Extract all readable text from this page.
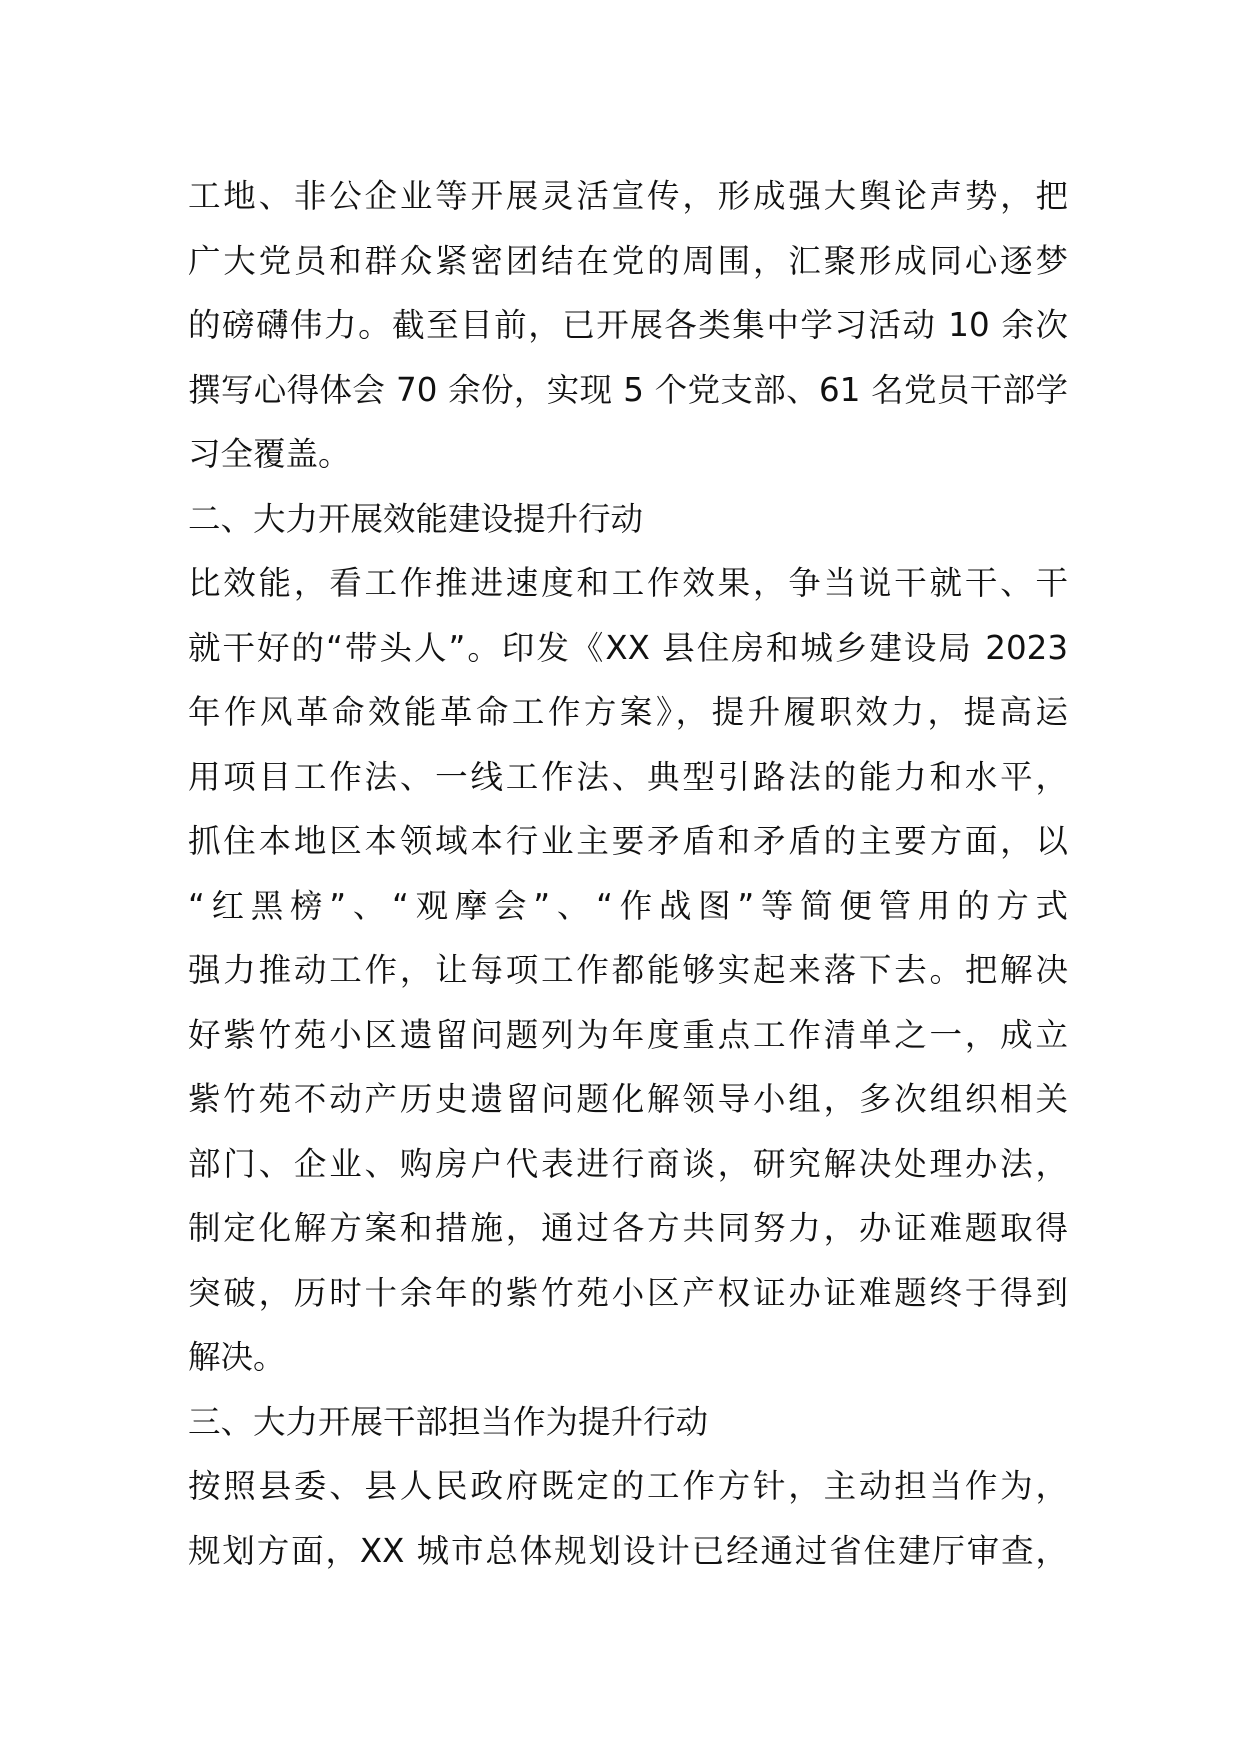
工地、非公企业等开展灵活宣传，形成强大舆论声势，把
广大党员和群众紧密团结在党的周围，汇聚形成同心逐梦
的磅礴伟力。截至目前，已开展各类集中学习活动 10 余次
撰写心得体会 70 余份，实现 5 个党支部、61 名党员干部学
习全覆盖。
二、大力开展效能建设提升行动
比效能，看工作推进速度和工作效果，争当说干就干、干
就干好的“带头人”。印发《XX 县住房和城乡建设局 2023
年作风革命效能革命工作方案》，提升履职效力，提高运
用项目工作法、一线工作法、典型引路法的能力和水平，
抓住本地区本领域本行业主要矛盾和矛盾的主要方面，以
“红黑榜”、“观摩会”、“作战图”等简便管用的方式
强力推动工作，让每项工作都能够实起来落下去。把解决
好紫竹苑小区遗留问题列为年度重点工作清单之一，成立
紫竹苑不动产历史遗留问题化解领导小组，多次组织相关
部门、企业、购房户代表进行商谈，研究解决处理办法，
制定化解方案和措施，通过各方共同努力，办证难题取得
突破，历时十余年的紫竹苑小区产权证办证难题终于得到
解决。
三、大力开展干部担当作为提升行动
按照县委、县人民政府既定的工作方针，主动担当作为，
规划方面，XX 城市总体规划设计已经通过省住建厅审查，
